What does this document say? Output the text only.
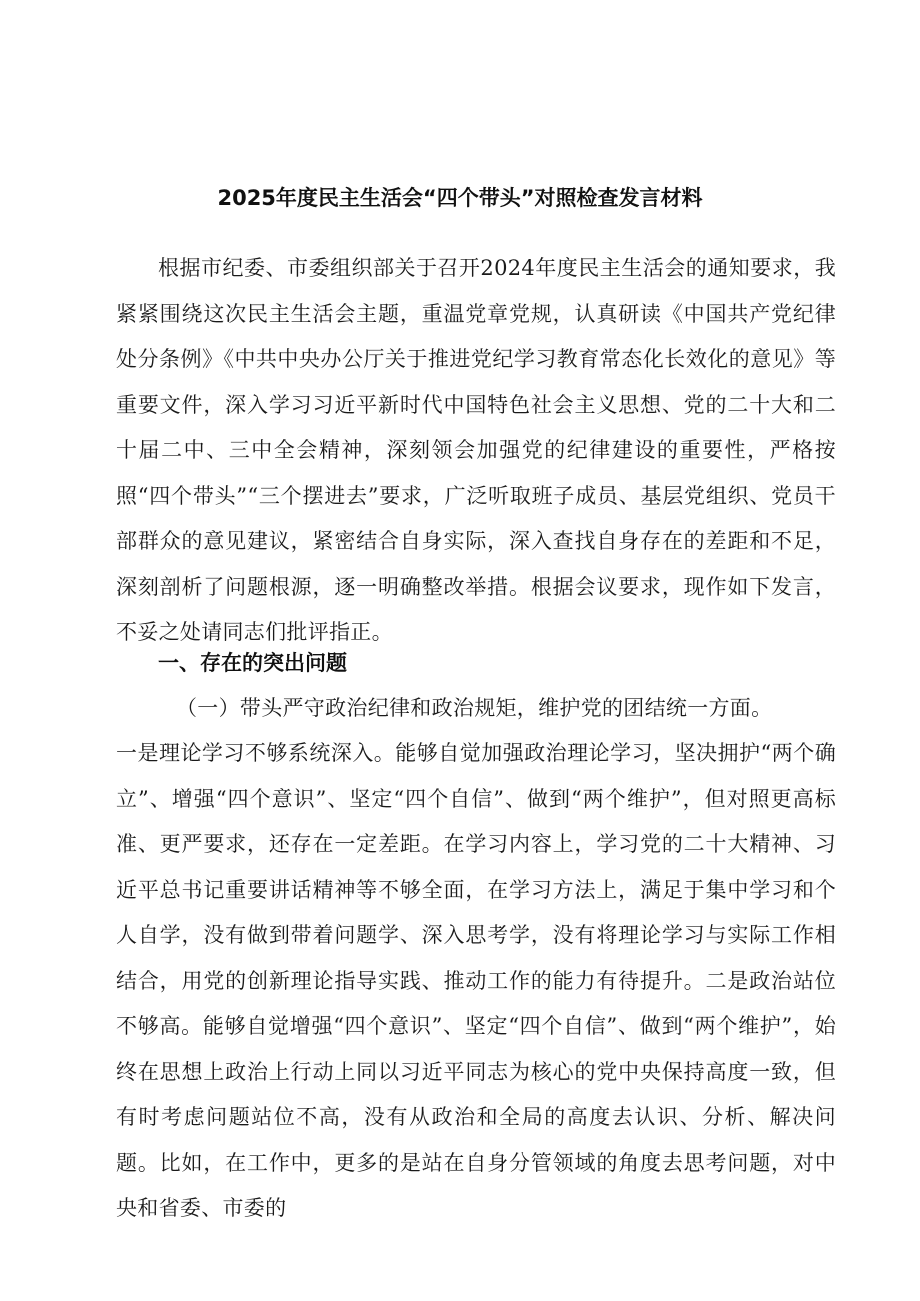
2025年度民主生活会“四个带头”对照检查发言材料

根据市纪委、市委组织部关于召开2024年度民主生活会的通知要求，我紧紧围绕这次民主生活会主题，重温党章党规，认真研读《中国共产党纪律处分条例》《中共中央办公厅关于推进党纪学习教育常态化长效化的意见》等重要文件，深入学习习近平新时代中国特色社会主义思想、党的二十大和二十届二中、三中全会精神，深刻领会加强党的纪律建设的重要性，严格按照“四个带头”“三个摆进去”要求，广泛听取班子成员、基层党组织、党员干部群众的意见建议，紧密结合自身实际，深入查找自身存在的差距和不足，深刻剖析了问题根源，逐一明确整改举措。根据会议要求，现作如下发言，不妥之处请同志们批评指正。

一、存在的突出问题

（一）带头严守政治纪律和政治规矩，维护党的团结统一方面。

一是理论学习不够系统深入。能够自觉加强政治理论学习，坚决拥护“两个确立”、增强“四个意识”、坚定“四个自信”、做到“两个维护”，但对照更高标准、更严要求，还存在一定差距。在学习内容上，学习党的二十大精神、习近平总书记重要讲话精神等不够全面，在学习方法上，满足于集中学习和个人自学，没有做到带着问题学、深入思考学，没有将理论学习与实际工作相结合，用党的创新理论指导实践、推动工作的能力有待提升。二是政治站位不够高。能够自觉增强“四个意识”、坚定“四个自信”、做到“两个维护”，始终在思想上政治上行动上同以习近平同志为核心的党中央保持高度一致，但有时考虑问题站位不高，没有从政治和全局的高度去认识、分析、解决问题。比如，在工作中，更多的是站在自身分管领域的角度去思考问题，对中央和省委、市委的
